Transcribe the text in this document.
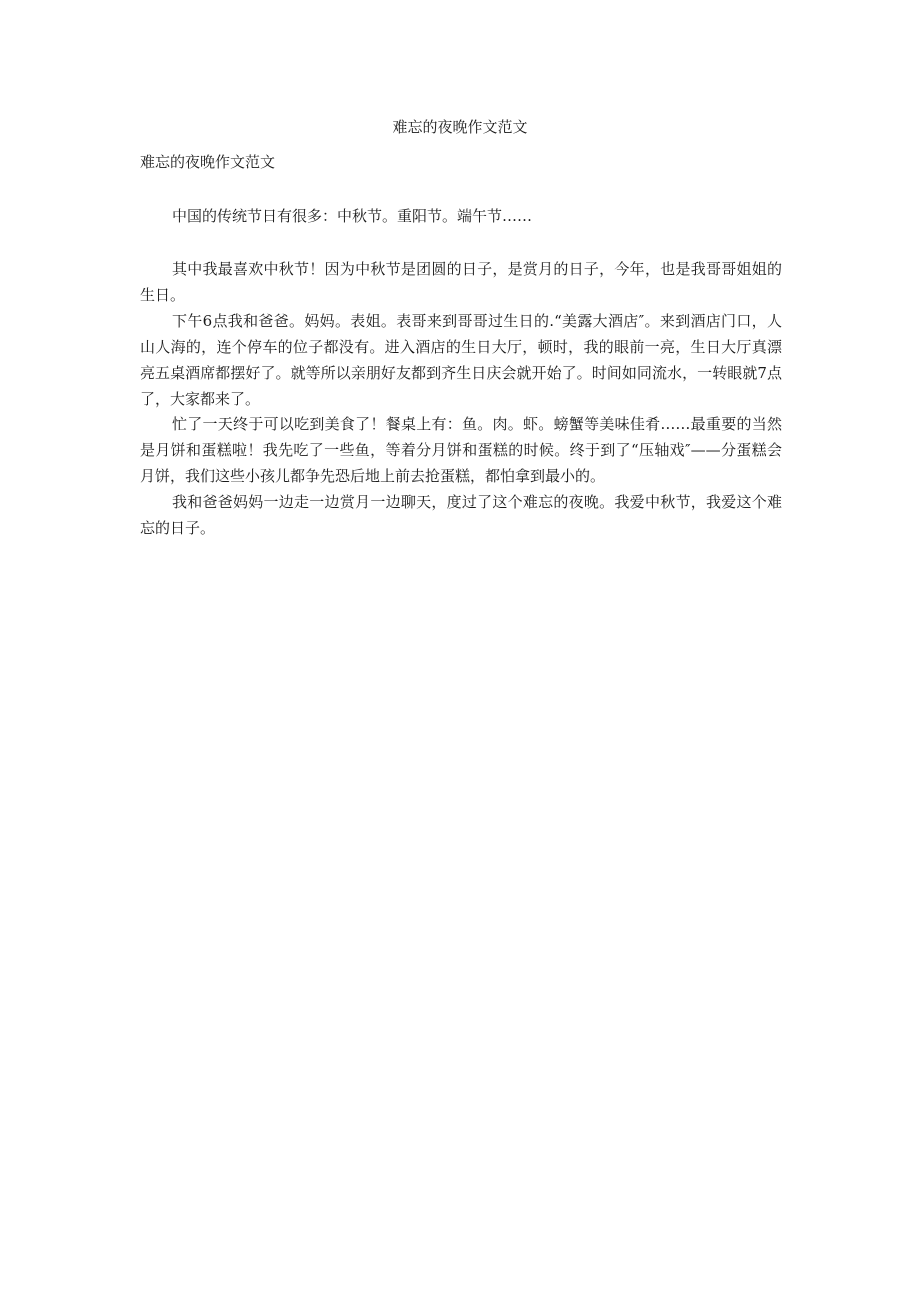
难忘的夜晚作文范文
难忘的夜晚作文范文

中国的传统节日有很多：中秋节。重阳节。端午节……

其中我最喜欢中秋节！因为中秋节是团圆的日子，是赏月的日子，今年，也是我哥哥姐姐的生日。

下午6点我和爸爸。妈妈。表姐。表哥来到哥哥过生日的.“美露大酒店″。来到酒店门口，人山人海的，连个停车的位子都没有。进入酒店的生日大厅，顿时，我的眼前一亮，生日大厅真漂亮五桌酒席都摆好了。就等所以亲朋好友都到齐生日庆会就开始了。时间如同流水，一转眼就7点了，大家都来了。

忙了一天终于可以吃到美食了！餐桌上有：鱼。肉。虾。螃蟹等美味佳肴……最重要的当然是月饼和蛋糕啦！我先吃了一些鱼，等着分月饼和蛋糕的时候。终于到了“压轴戏″——分蛋糕会月饼，我们这些小孩儿都争先恐后地上前去抢蛋糕，都怕拿到最小的。

我和爸爸妈妈一边走一边赏月一边聊天，度过了这个难忘的夜晚。我爱中秋节，我爱这个难忘的日子。
